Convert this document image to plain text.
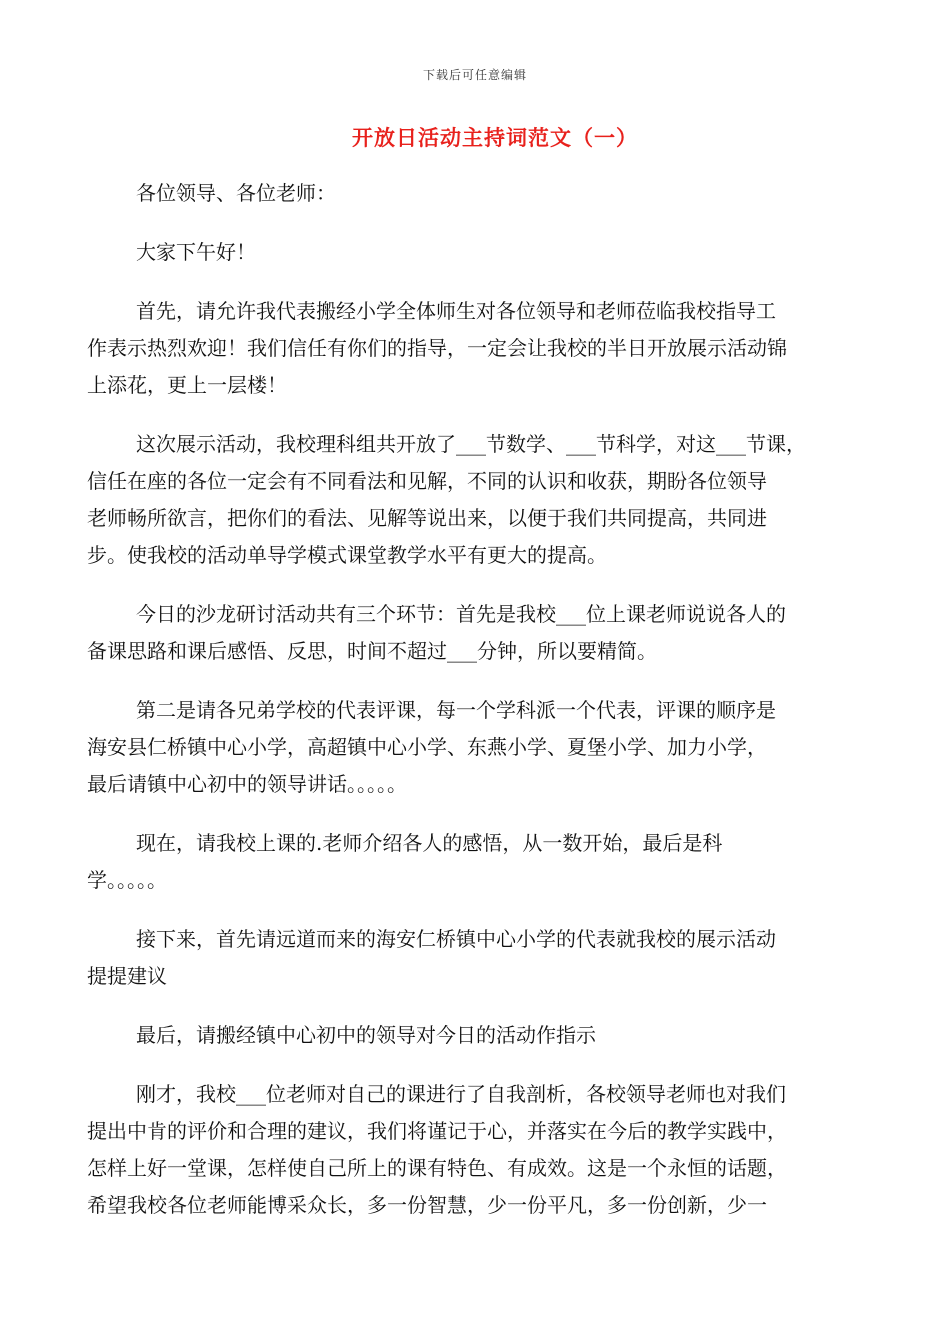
下载后可任意编辑
开放日活动主持词范文（一）

各位领导、各位老师：

大家下午好！

首先，请允许我代表搬经小学全体师生对各位领导和老师莅临我校指导工
作表示热烈欢迎！我们信任有你们的指导，一定会让我校的半日开放展示活动锦
上添花，更上一层楼！

这次展示活动，我校理科组共开放了___节数学、___节科学，对这___节课，
信任在座的各位一定会有不同看法和见解，不同的认识和收获，期盼各位领导
老师畅所欲言，把你们的看法、见解等说出来，以便于我们共同提高，共同进
步。使我校的活动单导学模式课堂教学水平有更大的提高。

今日的沙龙研讨活动共有三个环节：首先是我校___位上课老师说说各人的
备课思路和课后感悟、反思，时间不超过___分钟，所以要精简。

第二是请各兄弟学校的代表评课，每一个学科派一个代表，评课的顺序是
海安县仁桥镇中心小学，高超镇中心小学、东燕小学、夏堡小学、加力小学，
最后请镇中心初中的领导讲话。。。。。

现在，请我校上课的.老师介绍各人的感悟，从一数开始，最后是科
学。。。。。

接下来，首先请远道而来的海安仁桥镇中心小学的代表就我校的展示活动
提提建议

最后，请搬经镇中心初中的领导对今日的活动作指示

刚才，我校___位老师对自己的课进行了自我剖析，各校领导老师也对我们
提出中肯的评价和合理的建议，我们将谨记于心，并落实在今后的教学实践中，
怎样上好一堂课，怎样使自己所上的课有特色、有成效。这是一个永恒的话题，
希望我校各位老师能博采众长，多一份智慧，少一份平凡，多一份创新，少一
